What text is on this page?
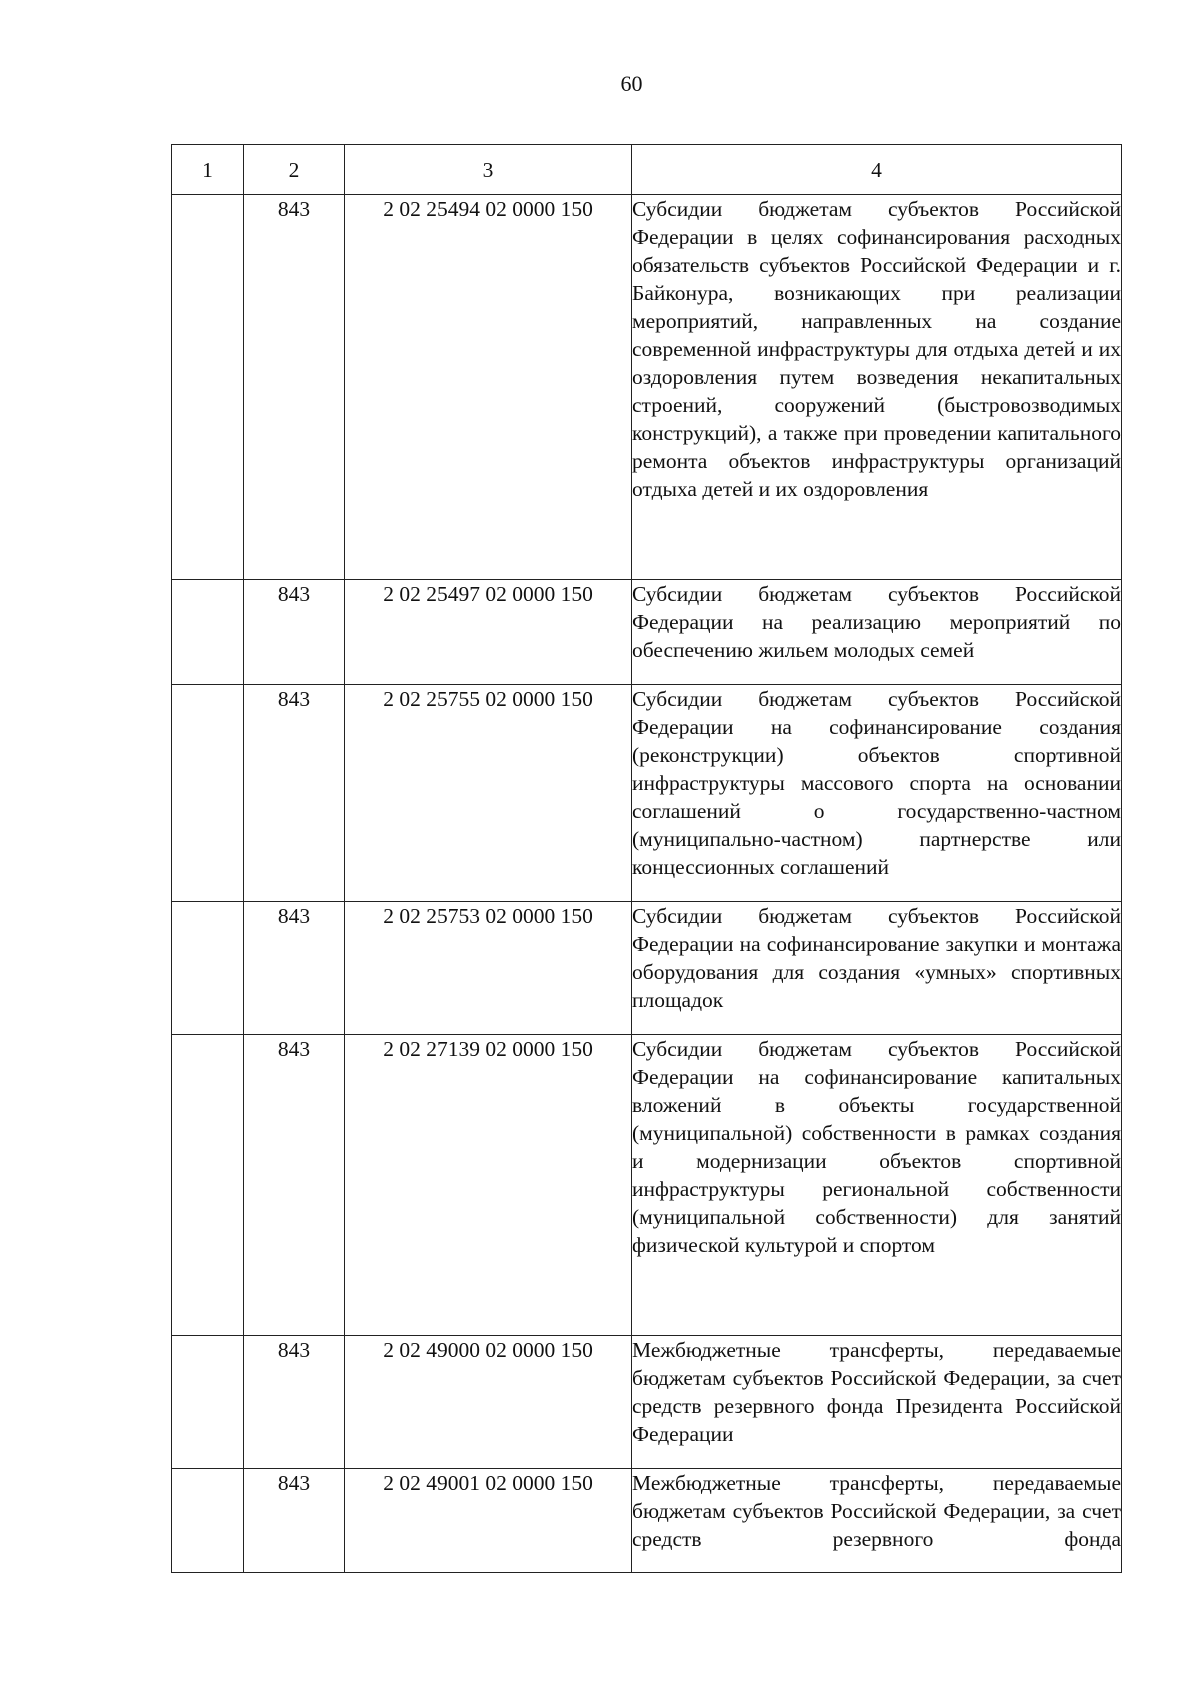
60
1	2	3	4
	843	2 02 25494 02 0000 150	Субсидии бюджетам субъектов Российской Федерации в целях софинансирования расходных обязательств субъектов Российской Федерации и г. Байконура, возникающих при реализации мероприятий, направленных на создание современной инфраструктуры для отдыха детей и их оздоровления путем возведения некапитальных строений, сооружений (быстровозводимых конструкций), а также при проведении капитального ремонта объектов инфраструктуры организаций отдыха детей и их оздоровления
	843	2 02 25497 02 0000 150	Субсидии бюджетам субъектов Российской Федерации на реализацию мероприятий по обеспечению жильем молодых семей
	843	2 02 25755 02 0000 150	Субсидии бюджетам субъектов Российской Федерации на софинансирование создания (реконструкции) объектов спортивной инфраструктуры массового спорта на основании соглашений о государственно-частном (муниципально-частном) партнерстве или концессионных соглашений
	843	2 02 25753 02 0000 150	Субсидии бюджетам субъектов Российской Федерации на софинансирование закупки и монтажа оборудования для создания «умных» спортивных площадок
	843	2 02 27139 02 0000 150	Субсидии бюджетам субъектов Российской Федерации на софинансирование капитальных вложений в объекты государственной (муниципальной) собственности в рамках создания и модернизации объектов спортивной инфраструктуры региональной собственности (муниципальной собственности) для занятий физической культурой и спортом
	843	2 02 49000 02 0000 150	Межбюджетные трансферты, передаваемые бюджетам субъектов Российской Федерации, за счет средств резервного фонда Президента Российской Федерации
	843	2 02 49001 02 0000 150	Межбюджетные трансферты, передаваемые бюджетам субъектов Российской Федерации, за счет средств резервного фонда
